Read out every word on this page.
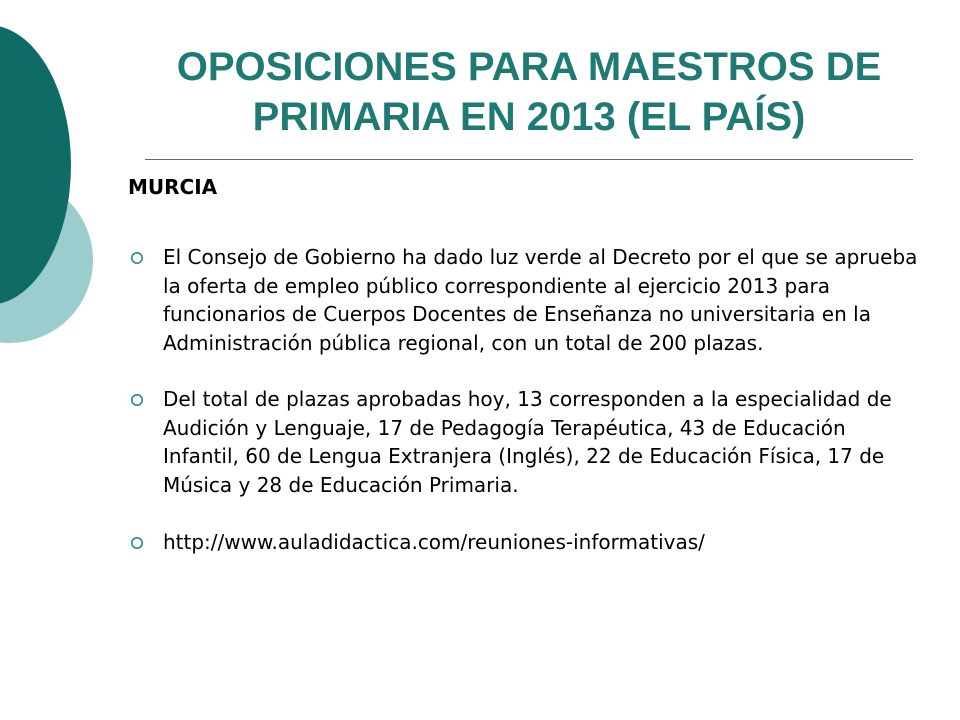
OPOSICIONES PARA MAESTROS DE PRIMARIA EN 2013 (EL PAÍS)

MURCIA

El Consejo de Gobierno ha dado luz verde al Decreto por el que se aprueba la oferta de empleo público correspondiente al ejercicio 2013 para funcionarios de Cuerpos Docentes de Enseñanza no universitaria en la Administración pública regional, con un total de 200 plazas.
Del total de plazas aprobadas hoy, 13 corresponden a la especialidad de Audición y Lenguaje, 17 de Pedagogía Terapéutica, 43 de Educación Infantil, 60 de Lengua Extranjera (Inglés), 22 de Educación Física, 17 de Música y 28 de Educación Primaria.
http://www.auladidactica.com/reuniones-informativas/
